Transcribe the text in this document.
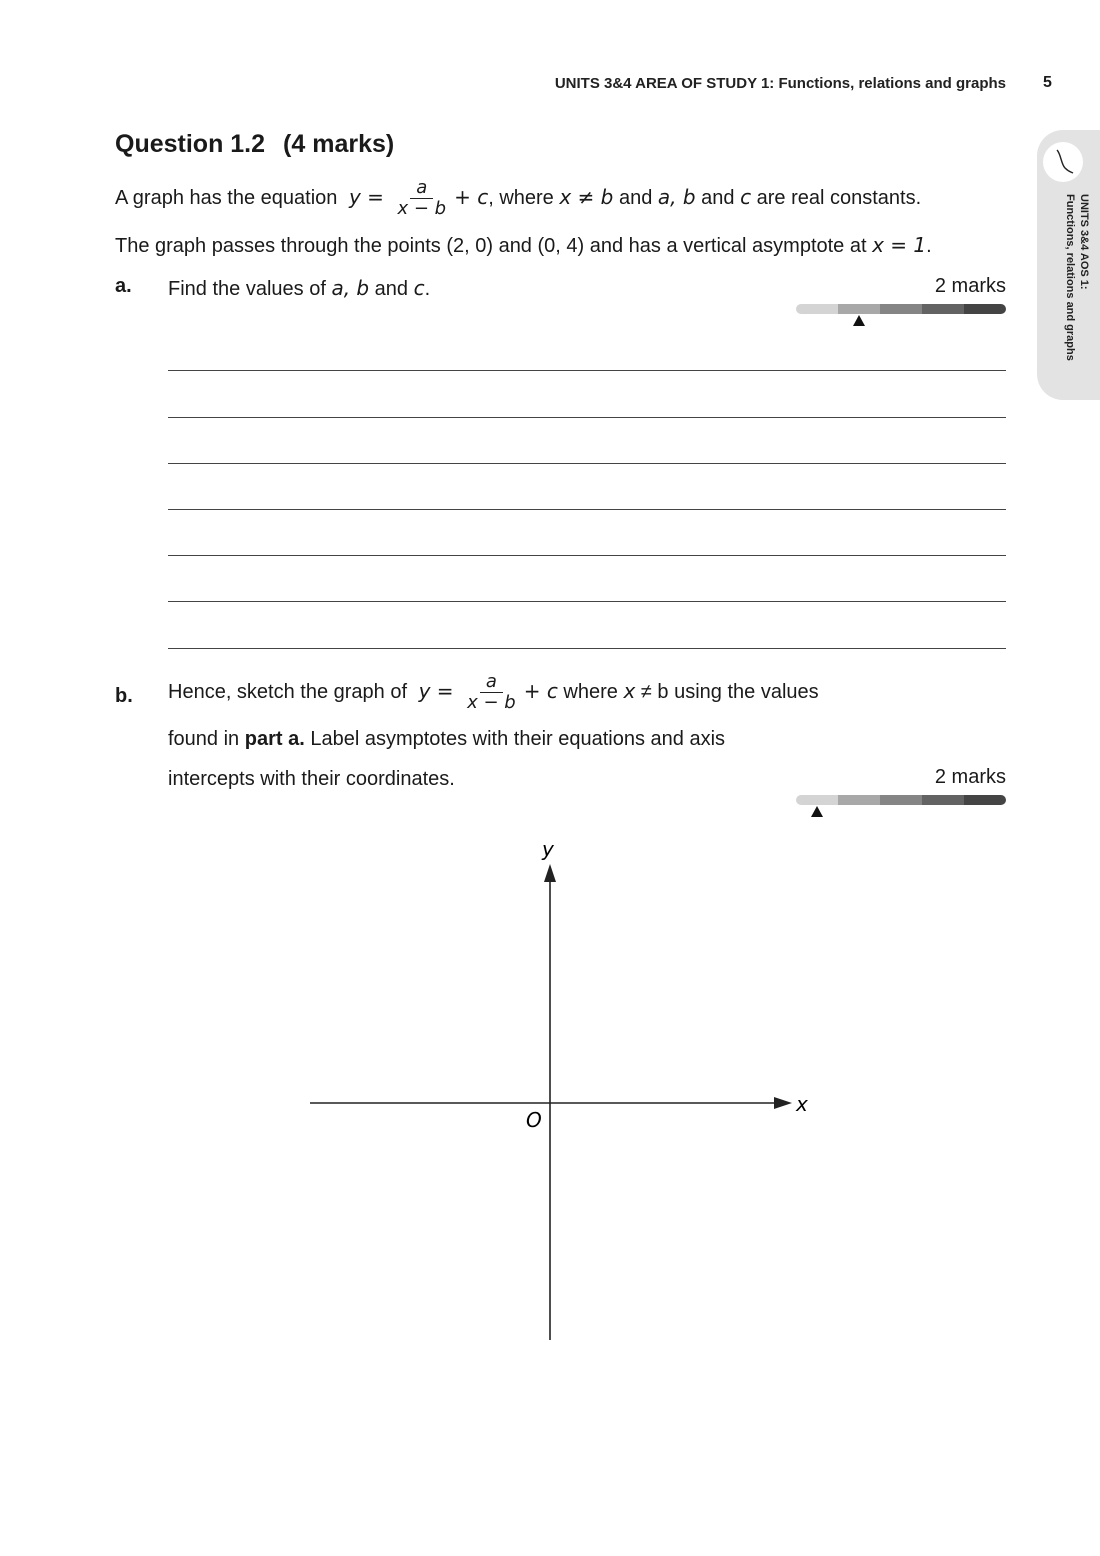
UNITS 3&4 AREA OF STUDY 1: Functions, relations and graphs	5
UNITS 3&4 AOS 1:
Functions, relations and graphs
Question 1.2 (4 marks)
A graph has the equation $y = \frac{a}{x - b} + c$, where x ≠ b and a, b and c are real constants.
The graph passes through the points (2, 0) and (0, 4) and has a vertical asymptote at x = 1.
a. Find the values of a, b and c.	2 marks
b. Hence, sketch the graph of $y = \frac{a}{x - b} + c$ where x ≠ b using the values
found in part a. Label asymptotes with their equations and axis
intercepts with their coordinates.	2 marks
y
x
O
